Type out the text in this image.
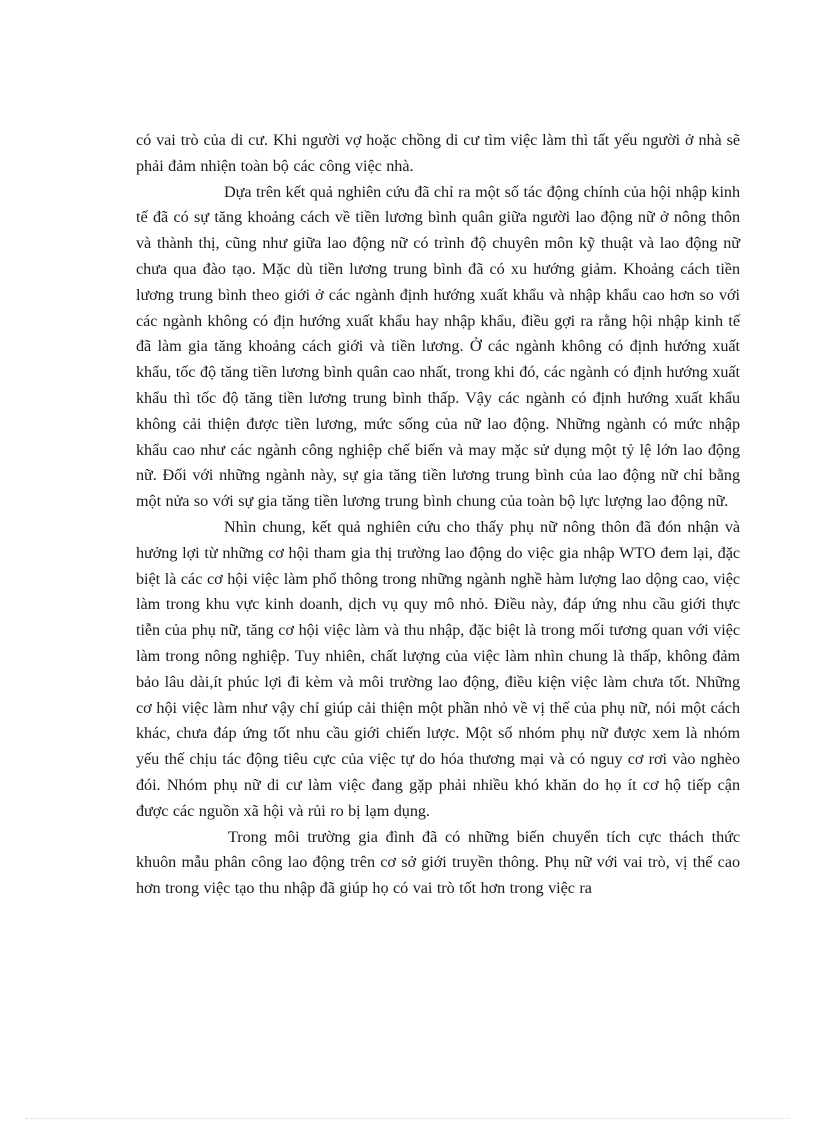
có vai trò của di cư. Khi người vợ hoặc chồng di cư tìm việc làm thì tất yếu người ở nhà sẽ phải đảm nhiện toàn bộ các công việc nhà.

Dựa trên kết quả nghiên cứu đã chỉ ra một số tác động chính của hội nhập kinh tế đã có sự tăng khoảng cách về tiền lương bình quân giữa người lao động nữ ở nông thôn và thành thị, cũng như giữa lao động nữ có trình độ chuyên môn kỹ thuật và lao động nữ chưa qua đào tạo. Mặc dù tiền lương trung bình đã có xu hướng giảm. Khoảng cách tiền lương trung bình theo giới ở các ngành định hướng xuất khẩu và nhập khẩu cao hơn so với các ngành không có địn hướng xuất khẩu hay nhập khẩu, điều gợi ra rằng hội nhập kinh tế đã làm gia tăng khoảng cách giới và tiền lương. Ở các ngành không có định hướng xuất khẩu, tốc độ tăng tiền lương bình quân cao nhất, trong khi đó, các ngành có định hướng xuất khẩu thì tốc độ tăng tiền lương trung bình thấp. Vậy các ngành có định hướng xuất khẩu không cải thiện được tiền lương, mức sống của nữ lao động. Những ngành có mức nhập khẩu cao như các ngành công nghiệp chế biến và may mặc sử dụng một tỷ lệ lớn lao động nữ. Đối với những ngành này, sự gia tăng tiền lương trung bình của lao động nữ chỉ bằng một nửa so với sự gia tăng tiền lương trung bình chung của toàn bộ lực lượng lao động nữ.

Nhìn chung, kết quả nghiên cứu cho thấy phụ nữ nông thôn đã đón nhận và hưởng lợi từ những cơ hội tham gia thị trường lao động do việc gia nhập WTO đem lại, đặc biệt là các cơ hội việc làm phổ thông trong những ngành nghề hàm lượng lao dộng cao, việc làm trong khu vực kinh doanh, dịch vụ quy mô nhỏ. Điều này, đáp ứng nhu cầu giới thực tiễn của phụ nữ, tăng cơ hội việc làm và thu nhập, đặc biệt là trong mối tương quan với việc làm trong nông nghiệp. Tuy nhiên, chất lượng của việc làm nhìn chung là thấp, không đảm bảo lâu dài,ít phúc lợi đi kèm và môi trường lao động, điều kiện việc làm chưa tốt. Những cơ hội việc làm như vậy chỉ giúp cải thiện một phần nhỏ về vị thế của phụ nữ, nói một cách khác, chưa đáp ứng tốt nhu cầu giới chiến lược. Một số nhóm phụ nữ được xem là nhóm yếu thế chịu tác động tiêu cực của việc tự do hóa thương mại và có nguy cơ rơi vào nghèo đói. Nhóm phụ nữ di cư làm việc đang gặp phải nhiều khó khăn do họ ít cơ hộ tiếp cận được các nguồn xã hội và rủi ro bị lạm dụng.

Trong môi trường gia đình đã có những biến chuyển tích cực thách thức khuôn mẫu phân công lao động trên cơ sở giới truyền thông. Phụ nữ với vai trò, vị thế cao hơn trong việc tạo thu nhập đã giúp họ có vai trò tốt hơn trong việc ra
